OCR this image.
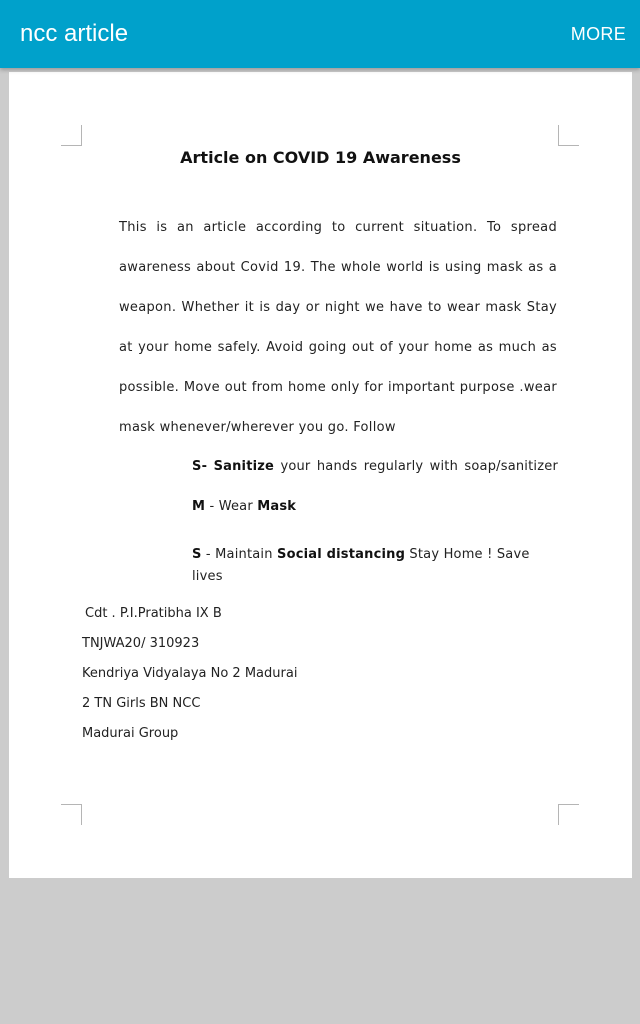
ncc article	MORE
Article on COVID 19 Awareness
This is an article according to current situation. To spread awareness about Covid 19. The whole world is using mask as a weapon. Whether it is day or night we have to wear mask Stay at your home safely. Avoid going out of your home as much as possible. Move out from home only for important purpose .wear mask whenever/wherever you go. Follow
S- Sanitize your hands regularly with soap/sanitizer
M - Wear Mask
S - Maintain Social distancing Stay Home ! Save lives
Cdt . P.I.Pratibha IX B
TNJWA20/ 310923
Kendriya Vidyalaya No 2 Madurai
2 TN Girls BN NCC
Madurai Group
